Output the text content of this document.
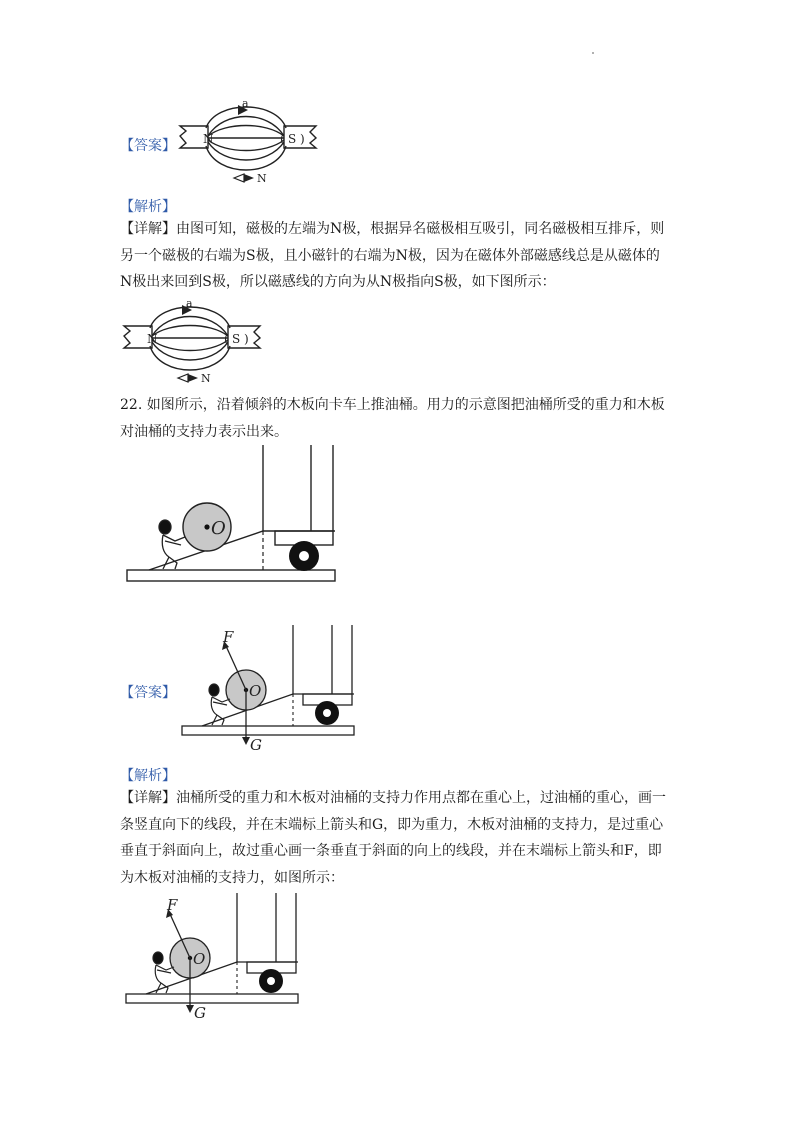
【答案】
a
N	( S )
N
【解析】
【详解】由图可知，磁极的左端为N极，根据异名磁极相互吸引，同名磁极相互排斥，则
另一个磁极的右端为S极，且小磁针的右端为N极，因为在磁体外部磁感线总是从磁体的
N极出来回到S极，所以磁感线的方向为从N极指向S极，如下图所示：
a
N	( S )
N
22. 如图所示，沿着倾斜的木板向卡车上推油桶。用力的示意图把油桶所受的重力和木板
对油桶的支持力表示出来。
O
【答案】	O
F
G
【解析】
【详解】油桶所受的重力和木板对油桶的支持力作用点都在重心上，过油桶的重心，画一
条竖直向下的线段，并在末端标上箭头和G，即为重力，木板对油桶的支持力，是过重心
垂直于斜面向上，故过重心画一条垂直于斜面的向上的线段，并在末端标上箭头和F，即
为木板对油桶的支持力，如图所示：
O
F
G
